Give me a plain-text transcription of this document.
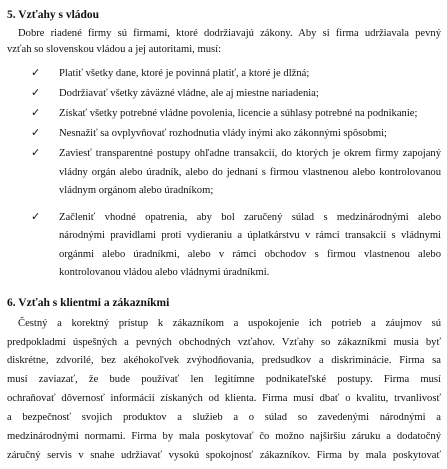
5. Vzťahy s vládou
Dobre riadené firmy sú firmami, ktoré dodržiavajú zákony. Aby si firma udržiavala pevný
vzťah so slovenskou vládou a jej autoritami, musí:
✓ Platiť všetky dane, ktoré je povinná platiť, a ktoré je dlžná;
✓ Dodržiavať všetky záväzné vládne, ale aj miestne nariadenia;
✓ Získať všetky potrebné vládne povolenia, licencie a súhlasy potrebné na podnikanie;
✓ Nesnažiť sa ovplyvňovať rozhodnutia vlády inými ako zákonnými spôsobmi;
✓ Zaviesť transparentné postupy ohľadne transakcií, do ktorých je okrem firmy zapojaný
vládny orgán alebo úradník, alebo do jednaní s firmou vlastnenou alebo kontrolovanou
vládnym orgánom alebo úradníkom;
✓ Začleniť vhodné opatrenia, aby bol zaručený súlad s medzinárodnými alebo
národnými pravidlami proti vydieraniu a úplatkárstvu v rámci transakcií s vládnymi
orgánmi alebo úradníkmi, alebo v rámci obchodov s firmou vlastnenou alebo
kontrolovanou vládou alebo vládnymi úradníkmi.
6. Vzťah s klientmi a zákazníkmi
Čestný a korektný prístup k zákazníkom a uspokojenie ich potrieb a záujmov sú
predpokladmi úspešných a pevných obchodných vzťahov. Vzťahy so zákazníkmi musia byť
diskrétne, zdvorilé, bez akéhokoľvek zvýhodňovania, predsudkov a diskriminácie. Firma sa
musí zaviazať, že bude používať len legitímne podnikateľské postupy. Firma musí
ochraňovať dôvernosť informácií získaných od klienta. Firma musí dbať o kvalitu, trvanlivosť
a bezpečnosť svojich produktov a služieb a o súlad so zavedenými národnými a
medzinárodnými normami. Firma by mala poskytovať čo možno najširšiu záruku a dodatočný
záručný servis v snahe udržiavať vysokú spokojnosť zákazníkov. Firma by mala poskytovať
